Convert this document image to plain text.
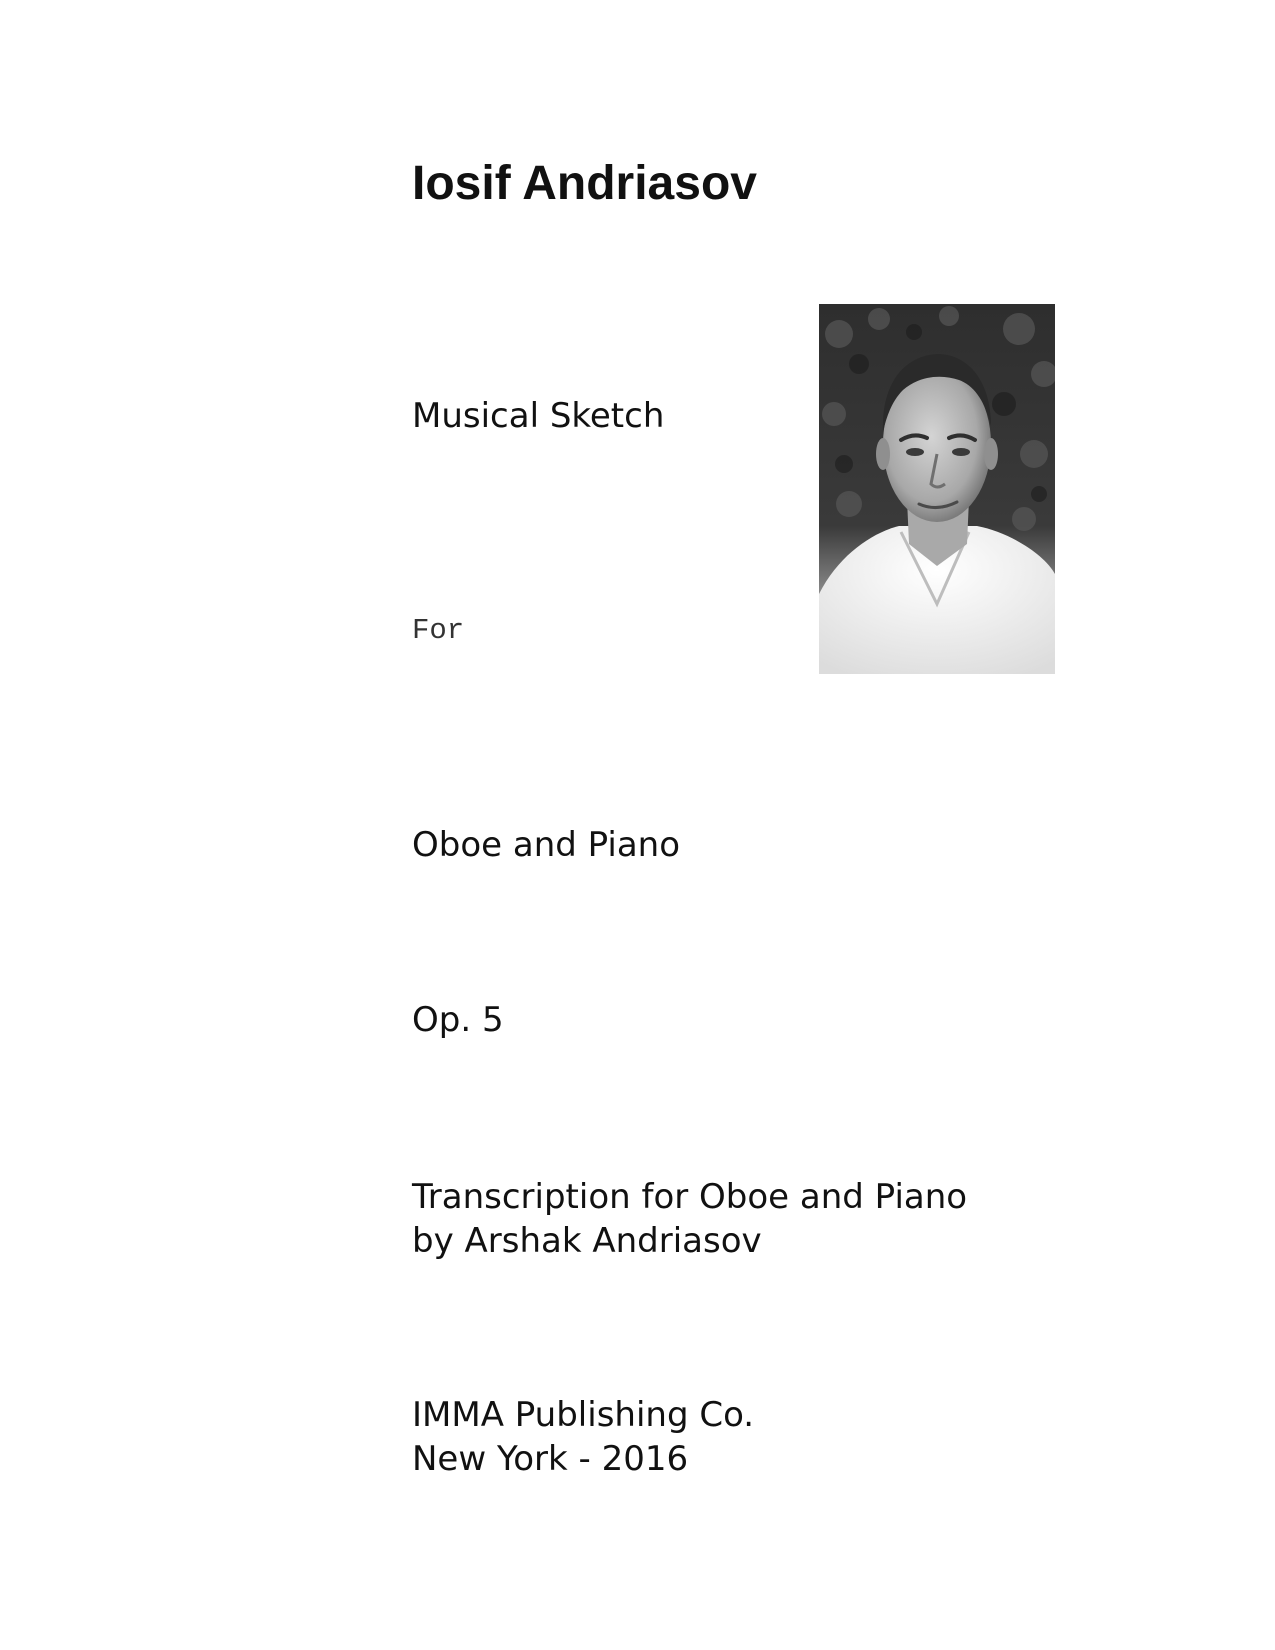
Iosif Andriasov
Musical Sketch
For
Oboe and Piano
Op. 5
Transcription for Oboe and Piano
by Arshak Andriasov
IMMA Publishing Co.
New York - 2016
